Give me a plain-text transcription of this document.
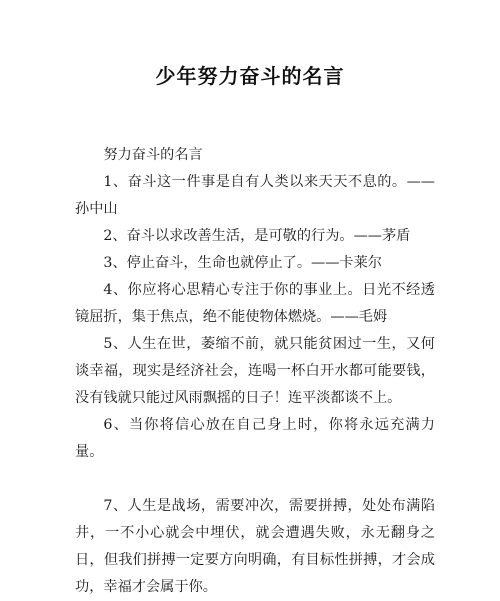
少年努力奋斗的名言

努力奋斗的名言

1、奋斗这一件事是自有人类以来天天不息的。——孙中山

2、奋斗以求改善生活，是可敬的行为。——茅盾

3、停止奋斗，生命也就停止了。——卡莱尔

4、你应将心思精心专注于你的事业上。日光不经透镜屈折，集于焦点，绝不能使物体燃烧。——毛姆

5、人生在世，萎缩不前，就只能贫困过一生，又何谈幸福，现实是经济社会，连喝一杯白开水都可能要钱，没有钱就只能过风雨飘摇的日子！连平淡都谈不上。

6、当你将信心放在自己身上时，你将永远充满力量。

7、人生是战场，需要冲次，需要拼搏，处处布满陷井，一不小心就会中埋伏，就会遭遇失败，永无翻身之日，但我们拼搏一定要方向明确，有目标性拼搏，才会成功，幸福才会属于你。
